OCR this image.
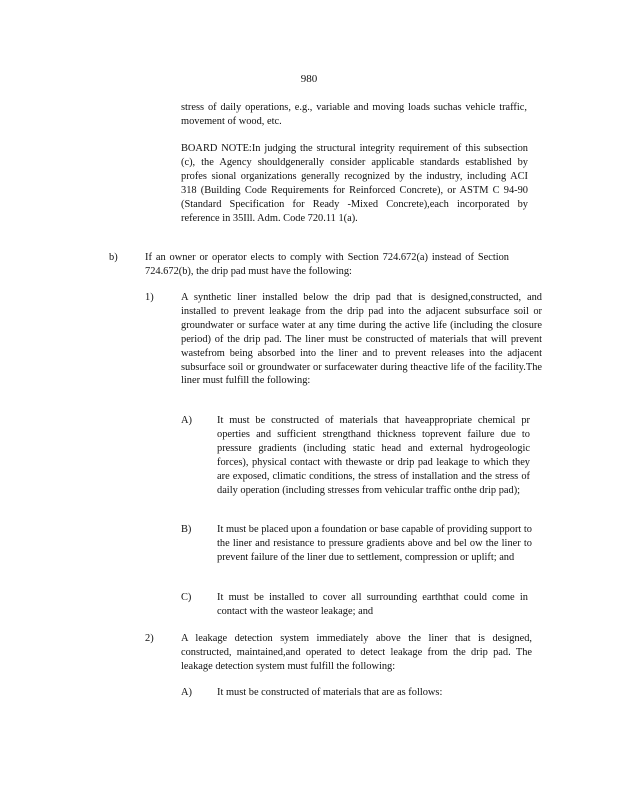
980
stress of daily operations, e.g., variable and moving loads suchas vehicle traffic, movement of wood, etc.
BOARD NOTE:In judging the structural integrity requirement of this subsection (c), the Agency shouldgenerally consider applicable standards established by profes sional organizations generally recognized by the industry, including ACI 318 (Building Code Requirements for Reinforced Concrete), or ASTM C 94-90 (Standard Specification for Ready -Mixed Concrete),each incorporated by reference in 35Ill. Adm. Code 720.11 1(a).
b)	If an owner or operator elects to comply with Section 724.672(a) instead of Section 724.672(b), the drip pad must have the following:
1)	A synthetic liner installed below the drip pad that is designed,constructed, and installed to prevent leakage from the drip pad into the adjacent subsurface soil or groundwater or surface water at any time during the active life (including the closure period) of the drip pad. The liner must be constructed of materials that will prevent wastefrom being absorbed into the liner and to prevent releases into the adjacent subsurface soil or groundwater or surfacewater during theactive life of the facility.The liner must fulfill the following:
A) It must be constructed of materials that haveappropriate chemical pr operties and sufficient strengthand thickness toprevent failure due to pressure gradients (including static head and external hydrogeologic forces), physical contact with thewaste or drip pad leakage to which they are exposed, climatic conditions, the stress of installation and the stress of daily operation (including stresses from vehicular traffic onthe drip pad);
B) It must be placed upon a foundation or base capable of providing support to the liner and resistance to pressure gradients above and bel ow the liner to prevent failure of the liner due to settlement, compression or uplift; and
C) It must be installed to cover all surrounding earththat could come in contact with the wasteor leakage; and
2)	A leakage detection system immediately above the liner that is designed, constructed, maintained,and operated to detect leakage from the drip pad. The leakage detection system must fulfill the following:
A) It must be constructed of materials that are as follows:
